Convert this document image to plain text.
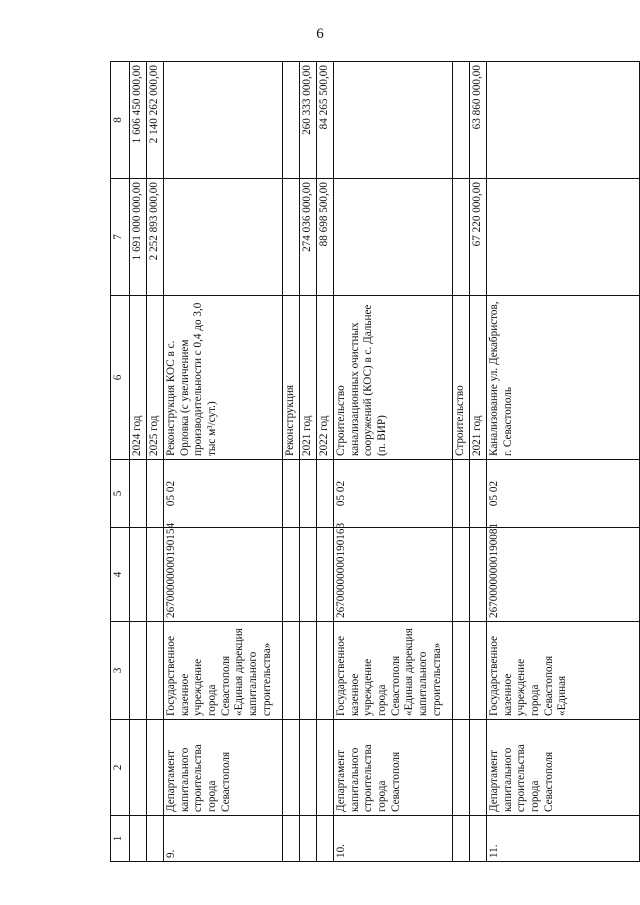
6
1	2	3	4	5	6	7	8
					2024 год	1 691 000 000,00	1 606 450 000,00
					2025 год	2 252 893 000,00	2 140 262 000,00
9.	Департамент капитального строительства города Севастополя	Государственное казенное учреждение города Севастополя «Единая дирекция капитального строительства»	26700000000190154	05 02	Реконструкция КОС в с. Орловка (с увеличением производительности с 0,4 до 3,0 тыс м³/сут.)		
					Реконструкция		
					2021 год	274 036 000,00	260 333 000,00
					2022 год	88 698 500,00	84 265 500,00
10.	Департамент капитального строительства города Севастополя	Государственное казенное учреждение города Севастополя «Единая дирекция капитального строительства»	26700000000190163	05 02	Строительство канализационных очистных сооружений (КОС) в с. Дальнее (п. ВИР)		
					Строительство		
					2021 год	67 220 000,00	63 860 000,00
11.	Департамент капитального строительства города Севастополя	Государственное казенное учреждение города Севастополя «Единая	26700000000190081	05 02	Канализование ул. Декабристов, г. Севастополь		
